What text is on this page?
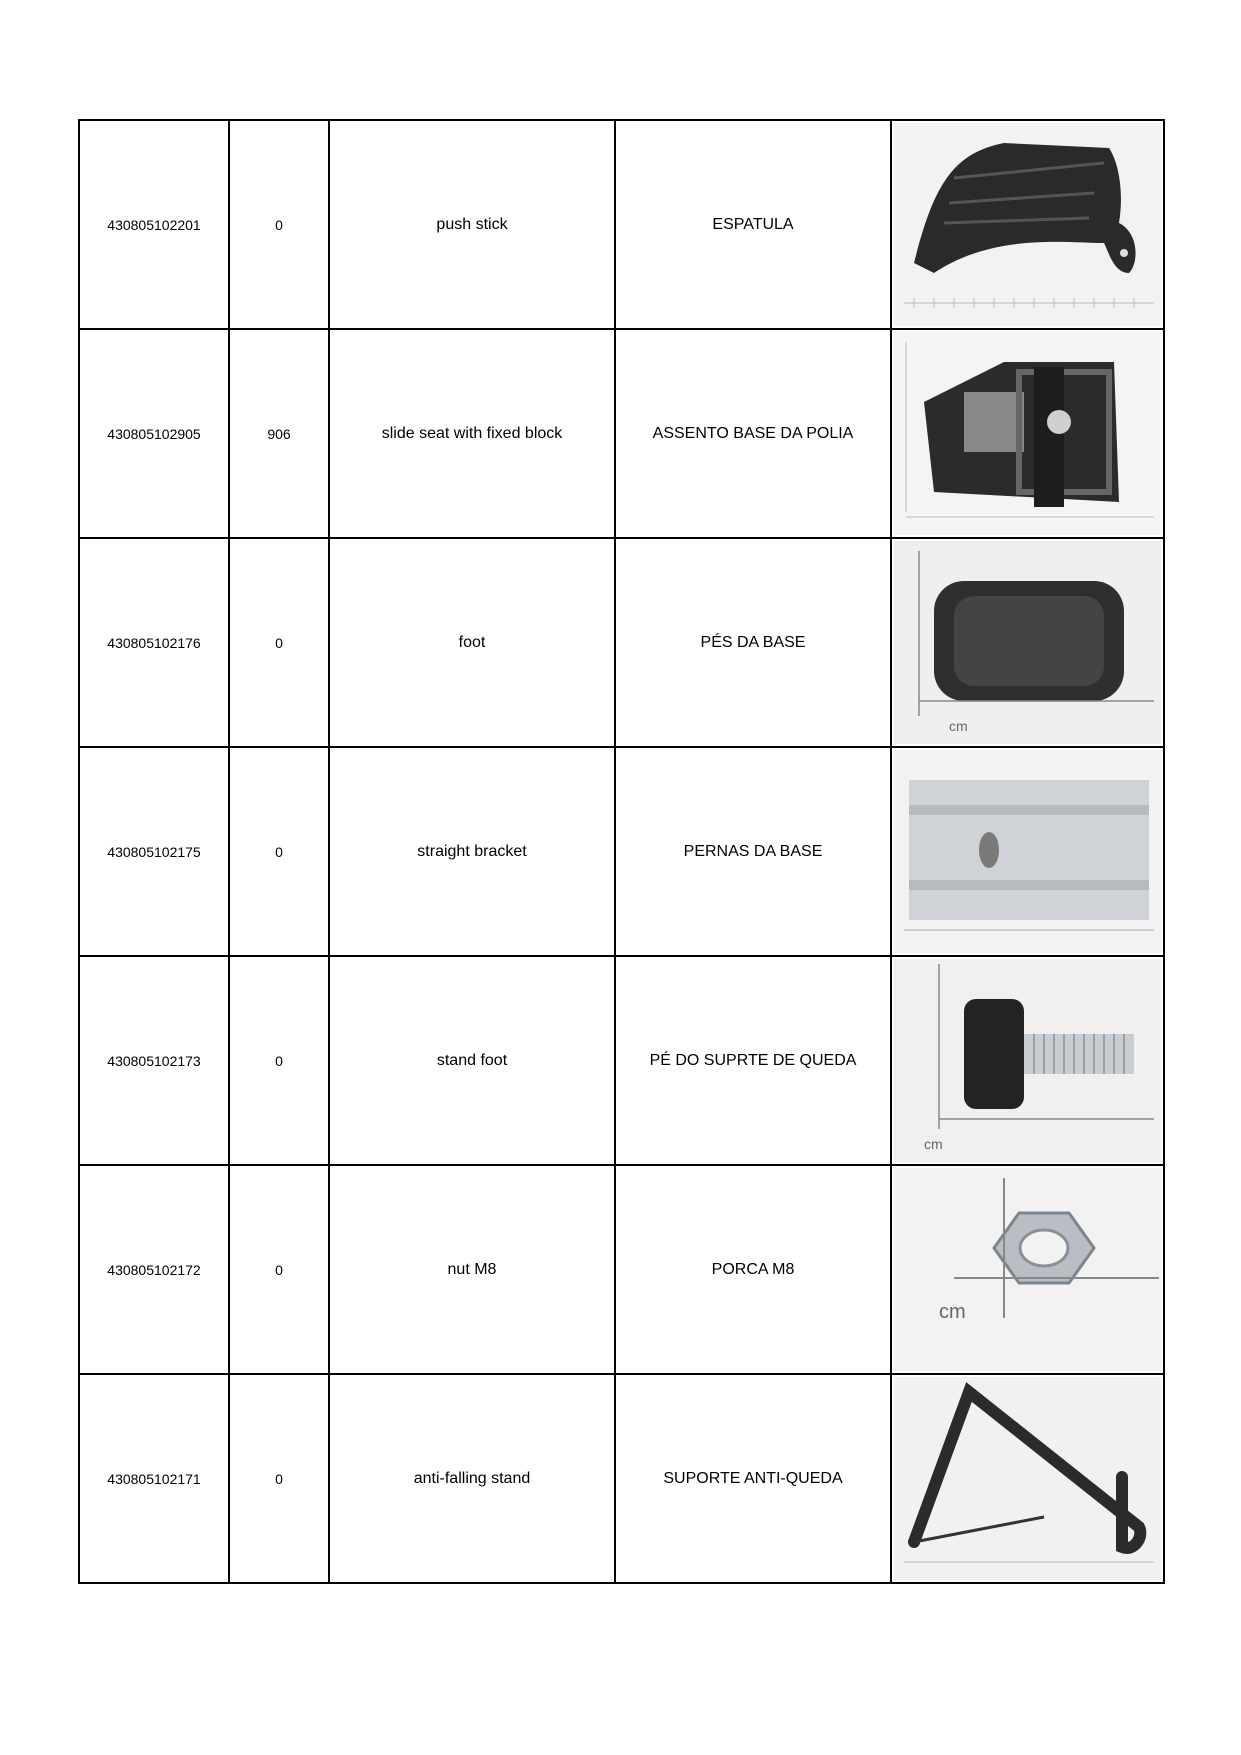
430805102201	0	push stick	ESPATULA	

430805102905	906	slide seat with fixed block	ASSENTO BASE DA POLIA	

430805102176	0	foot	PÉS DA BASE	cm

430805102175	0	straight bracket	PERNAS DA BASE	

430805102173	0	stand foot	PÉ DO SUPRTE DE QUEDA	cm

430805102172	0	nut M8	PORCA M8	cm

430805102171	0	anti-falling stand	SUPORTE ANTI-QUEDA	
